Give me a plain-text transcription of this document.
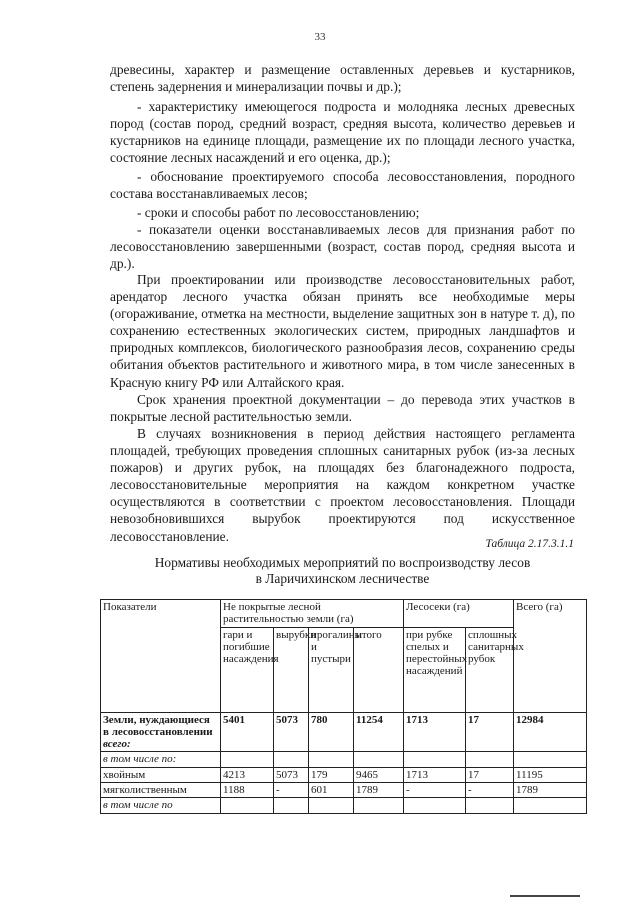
33

древесины, характер и размещение оставленных деревьев и кустарников, степень задернения и минерализации почвы и др.);

- характеристику имеющегося подроста и молодняка лесных древесных пород (состав пород, средний возраст, средняя высота, количество деревьев и кустарников на единице площади, размещение их по площади лесного участка, состояние лесных насаждений и его оценка, др.);

- обоснование проектируемого способа лесовосстановления, породного состава восстанавливаемых лесов;

- сроки и способы работ по лесовосстановлению;

- показатели оценки восстанавливаемых лесов для признания работ по лесовосстановлению завершенными (возраст, состав пород, средняя высота и др.).

При проектировании или производстве лесовосстановительных работ, арендатор лесного участка обязан принять все необходимые меры (огораживание, отметка на местности, выделение защитных зон в натуре т. д), по сохранению естественных экологических систем, природных ландшафтов и природных комплексов, биологического разнообразия лесов, сохранению среды обитания объектов растительного и животного мира, в том числе занесенных в Красную книгу РФ или Алтайского края.

Срок хранения проектной документации – до перевода этих участков в покрытые лесной растительностью земли.

В случаях возникновения в период действия настоящего регламента площадей, требующих проведения сплошных санитарных рубок (из-за лесных пожаров) и других рубок, на площадях без благонадежного подроста, лесовосстановительные мероприятия на каждом конкретном участке осуществляются в соответствии с проектом лесовосстановления. Площади невозобновившихся вырубок проектируются под искусственное лесовосстановление.

Таблица 2.17.3.1.1
Нормативы необходимых мероприятий по воспроизводству лесов
в Ларичихинском лесничестве
Показатели	Не покрытые лесной растительностью земли (га)				Лесосеки (га)		Всего (га)
	гари и погибшие насаждения	вырубки	прогалины и пустыри	итого	при рубке спелых и перестойных насаждений	сплошных санитарных рубок	
Земли, нуждающиеся в лесовосстановлении
всего:	5401	5073	780	11254	1713	17	12984
в том числе по:							
хвойным	4213	5073	179	9465	1713	17	11195
мягколиственным	1188	-	601	1789	-	-	1789
в том числе по							
